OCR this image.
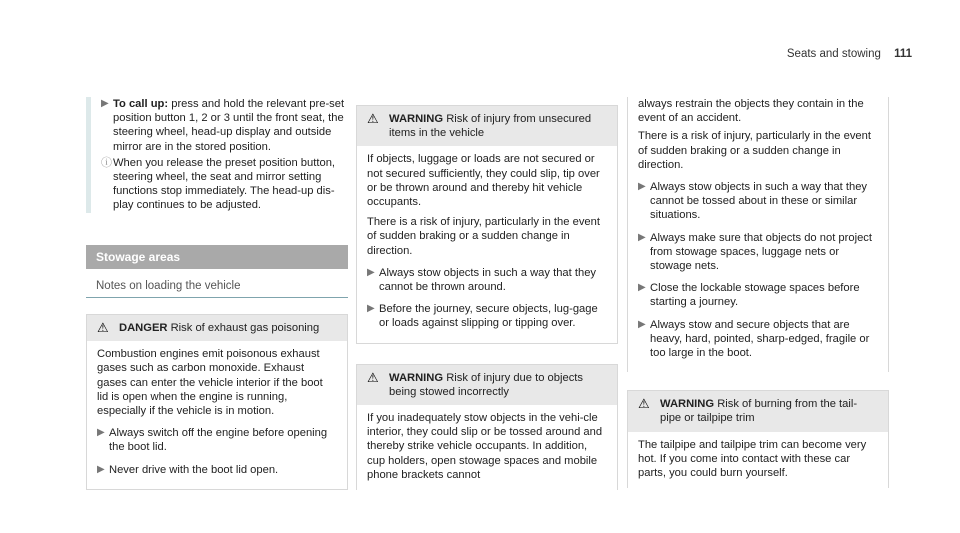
Seats and stowing 111
▶ To call up: press and hold the relevant pre-set position button 1, 2 or 3 until the front seat, the steering wheel, head-up display and outside mirror are in the stored position.
ⓘ When you release the preset position button, steering wheel, the seat and mirror setting functions stop immediately. The head-up dis-play continues to be adjusted.
Stowage areas
Notes on loading the vehicle
⚠ DANGER Risk of exhaust gas poisoning

Combustion engines emit poisonous exhaust gases such as carbon monoxide. Exhaust gases can enter the vehicle interior if the boot lid is open when the engine is running, especially if the vehicle is in motion.

▶ Always switch off the engine before opening the boot lid.
▶ Never drive with the boot lid open.
⚠ WARNING Risk of injury from unsecured items in the vehicle

If objects, luggage or loads are not secured or not secured sufficiently, they could slip, tip over or be thrown around and thereby hit vehicle occupants.

There is a risk of injury, particularly in the event of sudden braking or a sudden change in direction.

▶ Always stow objects in such a way that they cannot be thrown around.
▶ Before the journey, secure objects, lug-gage or loads against slipping or tipping over.
⚠ WARNING Risk of injury due to objects being stowed incorrectly

If you inadequately stow objects in the vehi-cle interior, they could slip or be tossed around and thereby strike vehicle occupants. In addition, cup holders, open stowage spaces and mobile phone brackets cannot

always restrain the objects they contain in the event of an accident.

There is a risk of injury, particularly in the event of sudden braking or a sudden change in direction.

▶ Always stow objects in such a way that they cannot be tossed about in these or similar situations.
▶ Always make sure that objects do not project from stowage spaces, luggage nets or stowage nets.
▶ Close the lockable stowage spaces before starting a journey.
▶ Always stow and secure objects that are heavy, hard, pointed, sharp-edged, fragile or too large in the boot.
⚠ WARNING Risk of burning from the tail-pipe or tailpipe trim

The tailpipe and tailpipe trim can become very hot. If you come into contact with these car parts, you could burn yourself.
